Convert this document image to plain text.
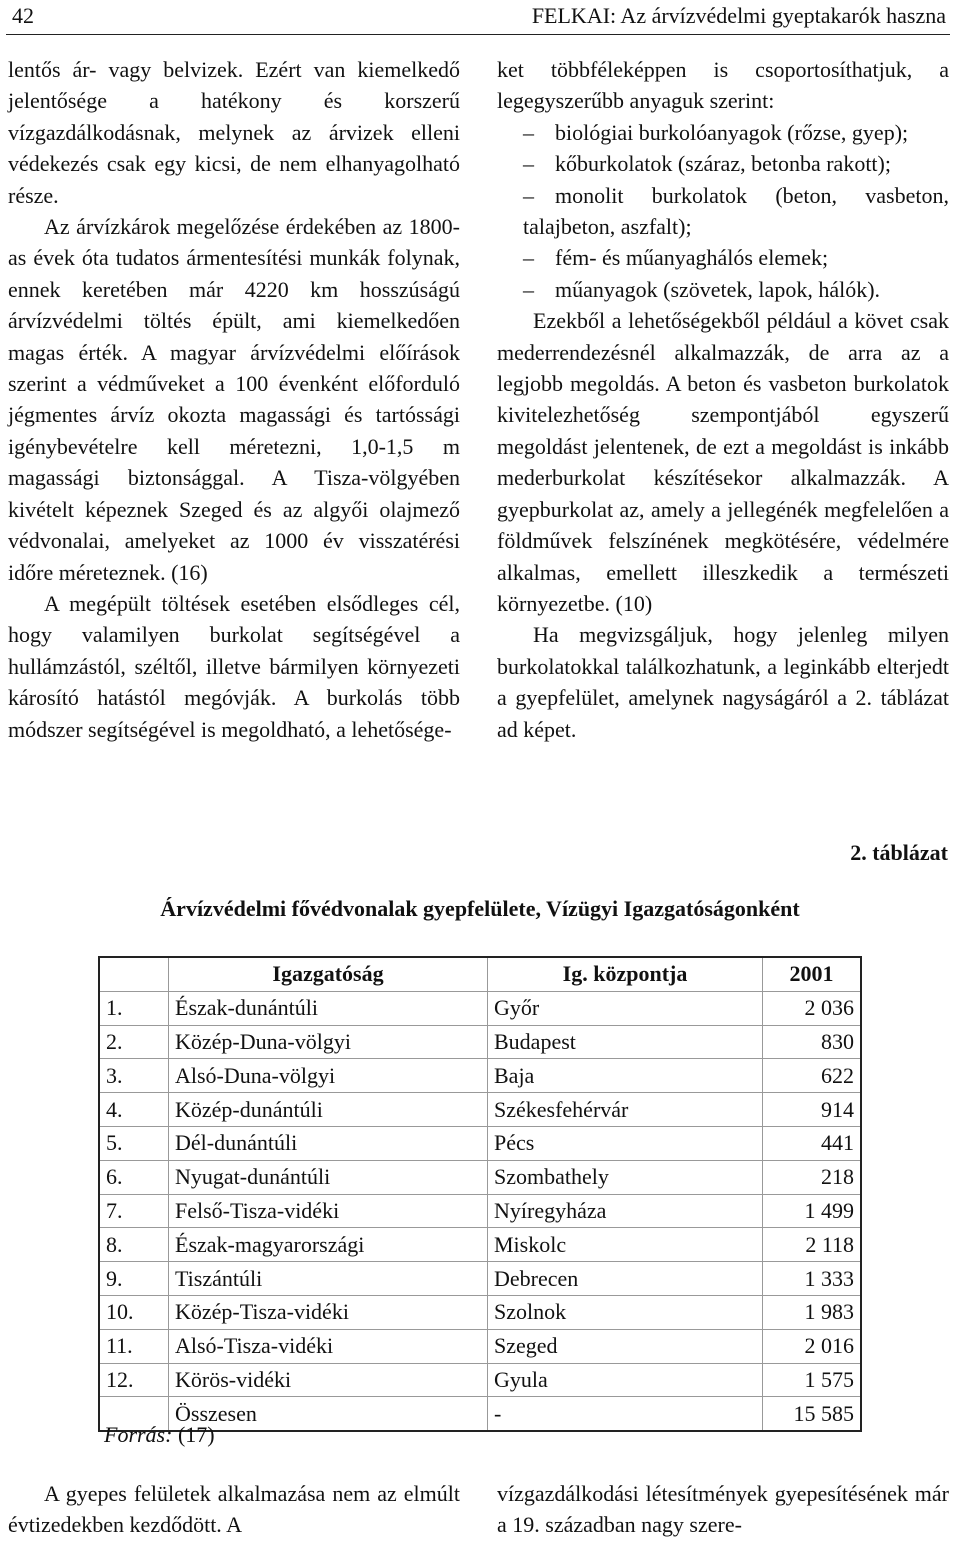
42	FELKAI: Az árvízvédelmi gyeptakarók haszna

lentős ár- vagy belvizek. Ezért van kiemelkedő jelentősége a hatékony és korszerű vízgazdálkodásnak, melynek az árvizek elleni védekezés csak egy kicsi, de nem elhanyagolható része.

Az árvízkárok megelőzése érdekében az 1800-as évek óta tudatos ármentesítési munkák folynak, ennek keretében már 4220 km hosszúságú árvízvédelmi töltés épült, ami kiemelkedően magas érték. A magyar árvízvédelmi előírások szerint a védműveket a 100 évenként előforduló jégmentes árvíz okozta magassági és tartóssági igénybevételre kell méretezni, 1,0-1,5 m magassági biztonsággal. A Tisza-völgyében kivételt képeznek Szeged és az algyői olajmező védvonalai, amelyeket az 1000 év visszatérési időre méreteznek. (16)

A megépült töltések esetében elsődleges cél, hogy valamilyen burkolat segítségével a hullámzástól, széltől, illetve bármilyen környezeti károsító hatástól megóvják. A burkolás több módszer segítségével is megoldható, a lehetősége-

ket többféleképpen is csoportosíthatjuk, a legegyszerűbb anyaguk szerint:

– biológiai burkolóanyagok (rőzse, gyep);

– kőburkolatok (száraz, betonba rakott);

– monolit burkolatok (beton, vasbeton, talajbeton, aszfalt);

– fém- és műanyaghálós elemek;

– műanyagok (szövetek, lapok, hálók).

Ezekből a lehetőségekből például a követ csak mederrendezésnél alkalmazzák, de arra az a legjobb megoldás. A beton és vasbeton burkolatok kivitelezhetőség szempontjából egyszerű megoldást jelentenek, de ezt a megoldást is inkább mederburkolat készítésekor alkalmazzák. A gyepburkolat az, amely a jellegénék megfelelően a földművek felszínének megkötésére, védelmére alkalmas, emellett illeszkedik a természeti környezetbe. (10)

Ha megvizsgáljuk, hogy jelenleg milyen burkolatokkal találkozhatunk, a leginkább elterjedt a gyepfelület, amelynek nagyságáról a 2. táblázat ad képet.

2. táblázat
Árvízvédelmi fővédvonalak gyepfelülete, Vízügyi Igazgatóságonként
	Igazgatóság	Ig. központja	2001
1.	Észak-dunántúli	Győr	2 036
2.	Közép-Duna-völgyi	Budapest	830
3.	Alsó-Duna-völgyi	Baja	622
4.	Közép-dunántúli	Székesfehérvár	914
5.	Dél-dunántúli	Pécs	441
6.	Nyugat-dunántúli	Szombathely	218
7.	Felső-Tisza-vidéki	Nyíregyháza	1 499
8.	Észak-magyarországi	Miskolc	2 118
9.	Tiszántúli	Debrecen	1 333
10.	Közép-Tisza-vidéki	Szolnok	1 983
11.	Alsó-Tisza-vidéki	Szeged	2 016
12.	Körös-vidéki	Gyula	1 575
	Összesen	-	15 585
Forrás: (17)

A gyepes felületek alkalmazása nem az elmúlt évtizedekben kezdődött. A

vízgazdálkodási létesítmények gyepesítésének már a 19. században nagy szere-
